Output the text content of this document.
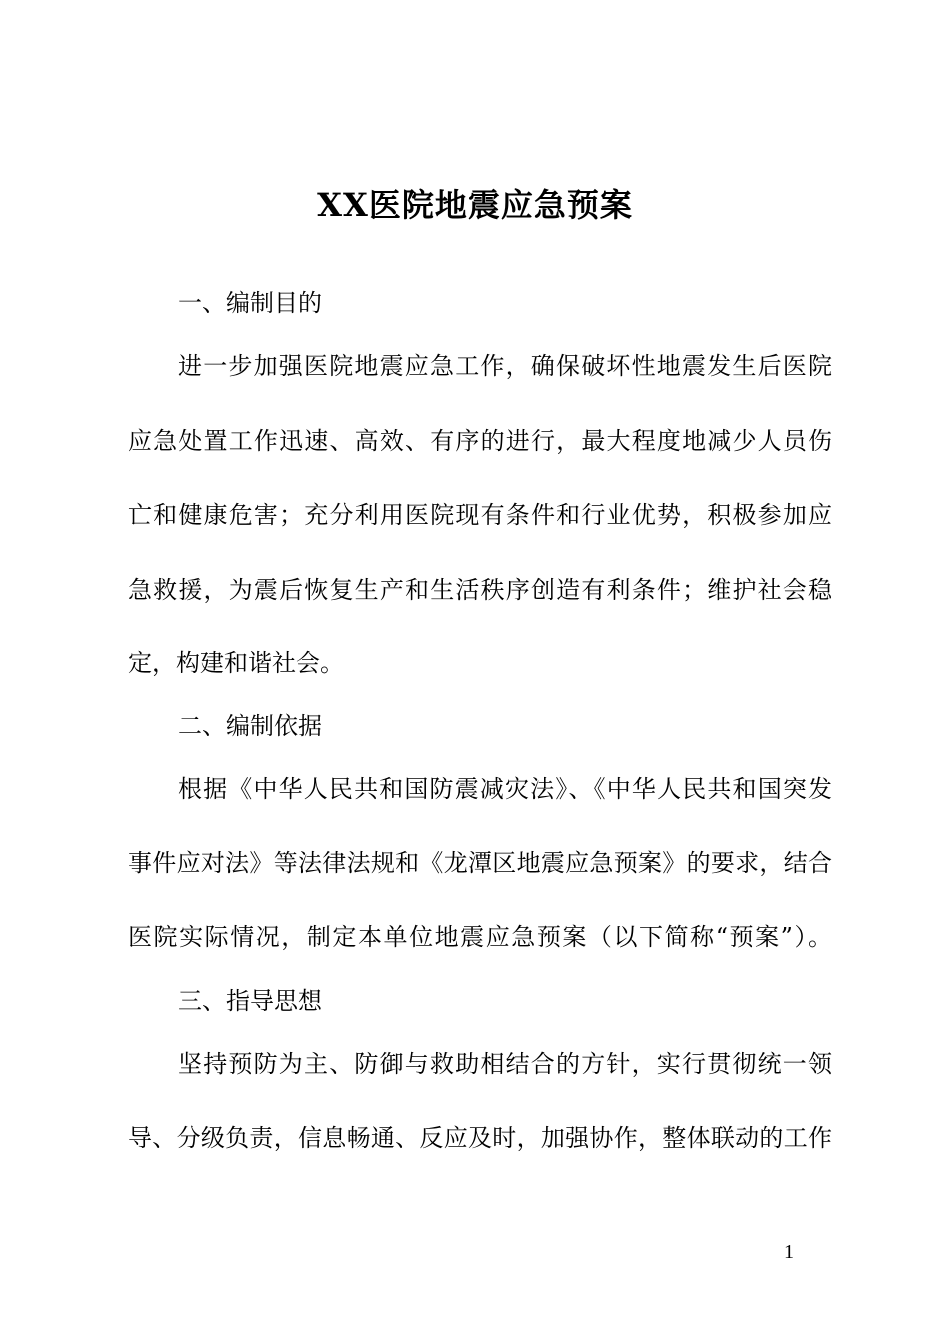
XX医院地震应急预案
一、编制目的
进一步加强医院地震应急工作，确保破坏性地震发生后医院
应急处置工作迅速、高效、有序的进行，最大程度地减少人员伤
亡和健康危害；充分利用医院现有条件和行业优势，积极参加应
急救援，为震后恢复生产和生活秩序创造有利条件；维护社会稳
定，构建和谐社会。
二、编制依据
根据《中华人民共和国防震减灾法》、《中华人民共和国突发
事件应对法》等法律法规和《龙潭区地震应急预案》的要求，结合
医院实际情况，制定本单位地震应急预案（以下简称“预案”）。
三、指导思想
坚持预防为主、防御与救助相结合的方针，实行贯彻统一领
导、分级负责，信息畅通、反应及时，加强协作，整体联动的工作
1
